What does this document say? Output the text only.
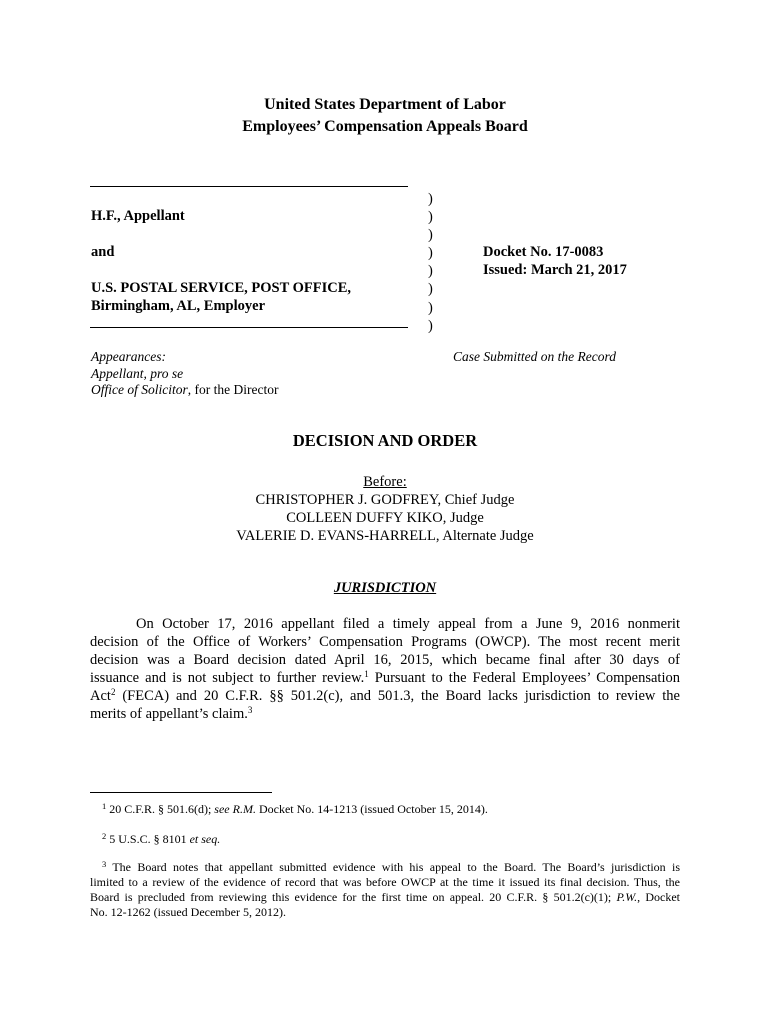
United States Department of Labor
Employees’ Compensation Appeals Board
H.F., Appellant
and
U.S. POSTAL SERVICE, POST OFFICE,
Birmingham, AL, Employer
)
)
)
)
)
)
)
)
Docket No. 17-0083
Issued: March 21, 2017
Appearances:
Appellant, pro se
Office of Solicitor, for the Director
Case Submitted on the Record
DECISION AND ORDER
Before:
CHRISTOPHER J. GODFREY, Chief Judge
COLLEEN DUFFY KIKO, Judge
VALERIE D. EVANS-HARRELL, Alternate Judge
JURISDICTION
On October 17, 2016 appellant filed a timely appeal from a June 9, 2016 nonmerit
decision of the Office of Workers’ Compensation Programs (OWCP). The most recent merit
decision was a Board decision dated April 16, 2015, which became final after 30 days of
issuance and is not subject to further review.$^1$ Pursuant to the Federal Employees’ Compensation
Act$^2$ (FECA) and 20 C.F.R. §§ 501.2(c), and 501.3, the Board lacks jurisdiction to review the
merits of appellant’s claim.$^3$
$^1$ 20 C.F.R. § 501.6(d); see R.M. Docket No. 14-1213 (issued October 15, 2014).
$^2$ 5 U.S.C. § 8101 et seq.
$^3$ The Board notes that appellant submitted evidence with his appeal to the Board. The Board’s jurisdiction is
limited to a review of the evidence of record that was before OWCP at the time it issued its final decision. Thus, the
Board is precluded from reviewing this evidence for the first time on appeal. 20 C.F.R. § 501.2(c)(1); P.W., Docket
No. 12-1262 (issued December 5, 2012).
